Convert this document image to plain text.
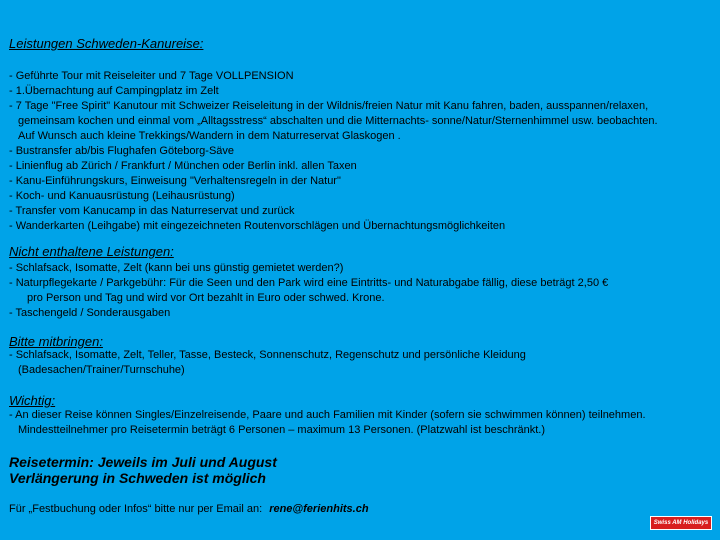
Leistungen Schweden-Kanureise:
- Geführte Tour mit Reiseleiter und 7 Tage VOLLPENSION
- 1.Übernachtung auf Campingplatz im Zelt
- 7 Tage "Free Spirit" Kanutour mit Schweizer Reiseleitung in der Wildnis/freien Natur mit Kanu fahren, baden, ausspannen/relaxen,
gemeinsam kochen und einmal vom „Alltagsstress“ abschalten und die Mitternachts- sonne/Natur/Sternenhimmel usw. beobachten.
Auf Wunsch auch kleine Trekkings/Wandern in dem Naturreservat Glaskogen .
- Bustransfer ab/bis Flughafen Göteborg-Säve
- Linienflug ab Zürich / Frankfurt / München oder Berlin inkl. allen Taxen
- Kanu-Einführungskurs, Einweisung "Verhaltensregeln in der Natur"
- Koch- und Kanuausrüstung (Leihausrüstung)
- Transfer vom Kanucamp in das Naturreservat und zurück
- Wanderkarten (Leihgabe) mit eingezeichneten Routenvorschlägen und Übernachtungsmöglichkeiten
Nicht enthaltene Leistungen:
- Schlafsack, Isomatte, Zelt (kann bei uns günstig gemietet werden?)
- Naturpflegekarte / Parkgebühr: Für die Seen und den Park wird eine Eintritts- und Naturabgabe fällig, diese beträgt 2,50 €
pro Person und Tag und wird vor Ort bezahlt in Euro oder schwed. Krone.
- Taschengeld / Sonderausgaben
Bitte mitbringen:
- Schlafsack, Isomatte, Zelt, Teller, Tasse, Besteck, Sonnenschutz, Regenschutz und persönliche Kleidung
(Badesachen/Trainer/Turnschuhe)
Wichtig:
- An dieser Reise können Singles/Einzelreisende, Paare und auch Familien mit Kinder (sofern sie schwimmen können) teilnehmen.
Mindestteilnehmer pro Reisetermin beträgt 6 Personen – maximum 13 Personen. (Platzwahl ist beschränkt.)
Reisetermin: Jeweils im Juli und August
Verlängerung in Schweden ist möglich
Für „Festbuchung oder Infos“ bitte nur per Email an: rene@ferienhits.ch
Swiss AM Holidays
